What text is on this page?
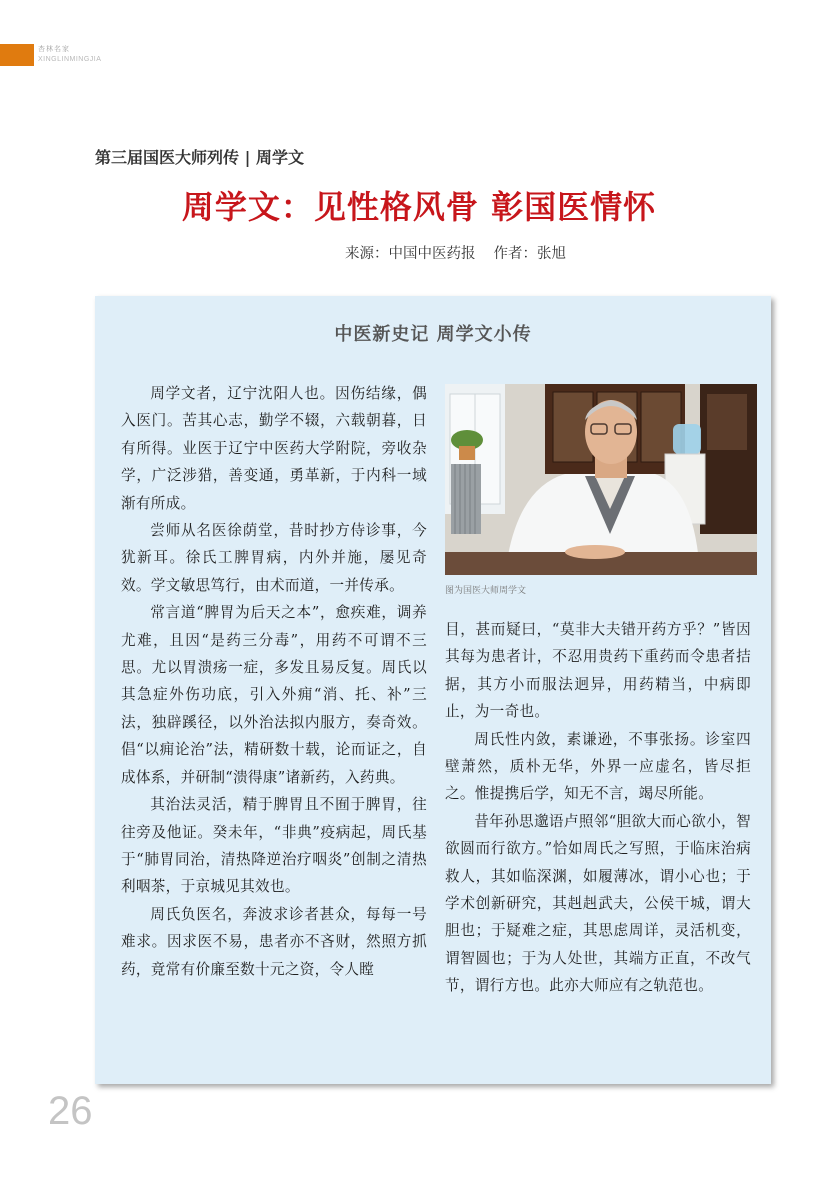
杏林名家
XINGLINMINGJIA
第三届国医大师列传 | 周学文
周学文：见性格风骨 彰国医情怀
来源：中国中医药报 作者：张旭
中医新史记 周学文小传

周学文者，辽宁沈阳人也。因伤结缘，偶入医门。苦其心志，勤学不辍，六载朝暮，日有所得。业医于辽宁中医药大学附院，旁收杂学，广泛涉猎，善变通，勇革新，于内科一域渐有所成。

尝师从名医徐荫堂，昔时抄方侍诊事，今犹新耳。徐氏工脾胃病，内外并施，屡见奇效。学文敏思笃行，由术而道，一并传承。

常言道“脾胃为后天之本”，愈疾难，调养尤难，且因“是药三分毒”，用药不可谓不三思。尤以胃溃疡一症，多发且易反复。周氏以其急症外伤功底，引入外痈“消、托、补”三法，独辟蹊径，以外治法拟内服方，奏奇效。倡“以痈论治”法，精研数十载，论而证之，自成体系，并研制“溃得康”诸新药，入药典。

其治法灵活，精于脾胃且不囿于脾胃，往往旁及他证。癸未年，“非典”疫病起，周氏基于“肺胃同治，清热降逆治疗咽炎”创制之清热利咽茶，于京城见其效也。

周氏负医名，奔波求诊者甚众，每每一号难求。因求医不易，患者亦不吝财，然照方抓药，竟常有价廉至数十元之资，令人瞠

图为国医大师周学文

目，甚而疑曰，“莫非大夫错开药方乎？”皆因其每为患者计，不忍用贵药下重药而令患者拮据，其方小而服法迥异，用药精当，中病即止，为一奇也。

周氏性内敛，素谦逊，不事张扬。诊室四壁萧然，质朴无华，外界一应虚名，皆尽拒之。惟提携后学，知无不言，竭尽所能。

昔年孙思邈语卢照邻“胆欲大而心欲小，智欲圆而行欲方。”恰如周氏之写照，于临床治病救人，其如临深渊，如履薄冰，谓小心也；于学术创新研究，其赳赳武夫，公侯干城，谓大胆也；于疑难之症，其思虑周详，灵活机变，谓智圆也；于为人处世，其端方正直，不改气节，谓行方也。此亦大师应有之轨范也。

26
